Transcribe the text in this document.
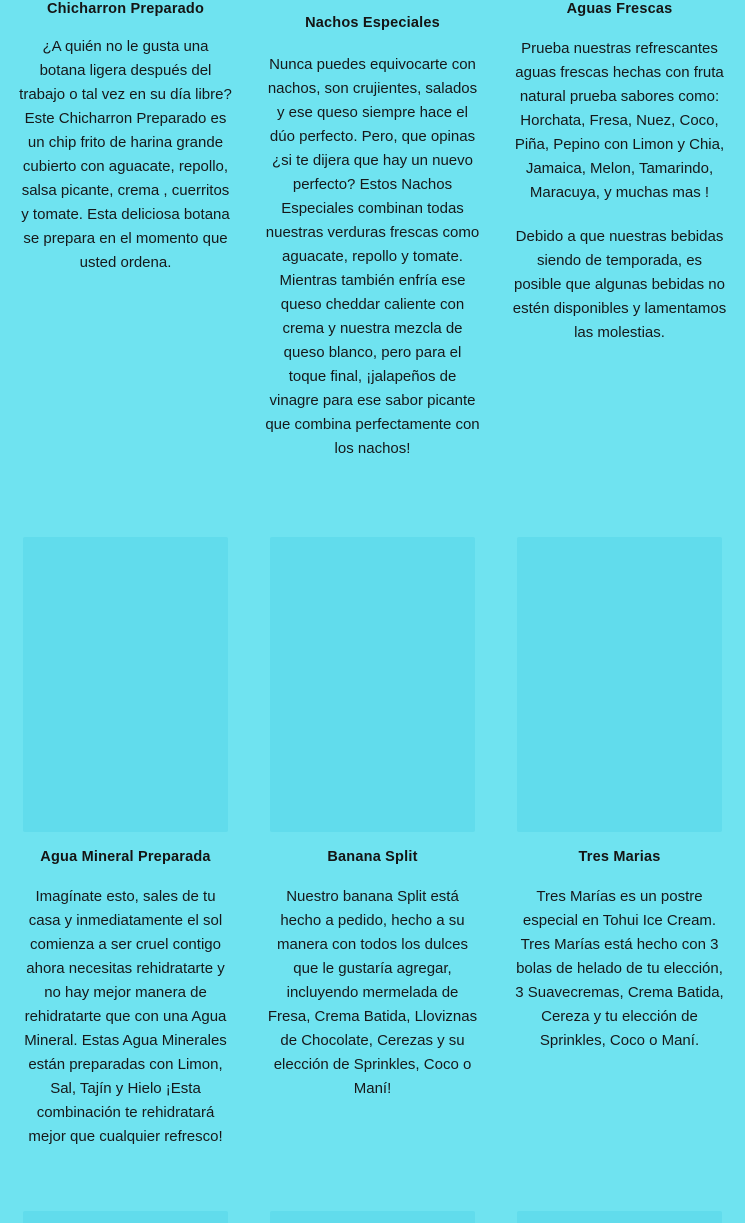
Chicharron Preparado

¿A quién no le gusta una botana ligera después del trabajo o tal vez en su día libre? Este Chicharron Preparado es un chip frito de harina grande cubierto con aguacate, repollo, salsa picante, crema , cuerritos y tomate. Esta deliciosa botana se prepara en el momento que usted ordena.

Nachos Especiales

Nunca puedes equivocarte con nachos, son crujientes, salados y ese queso siempre hace el dúo perfecto. Pero, que opinas ¿si te dijera que hay un nuevo perfecto? Estos Nachos Especiales combinan todas nuestras verduras frescas como aguacate, repollo y tomate. Mientras también enfría ese queso cheddar caliente con crema y nuestra mezcla de queso blanco, pero para el toque final, ¡jalapeños de vinagre para ese sabor picante que combina perfectamente con los nachos!

Aguas Frescas

Prueba nuestras refrescantes aguas frescas hechas con fruta natural prueba sabores como: Horchata, Fresa, Nuez, Coco, Piña, Pepino con Limon y Chia, Jamaica, Melon, Tamarindo, Maracuya, y muchas mas !

Debido a que nuestras bebidas siendo de temporada, es posible que algunas bebidas no estén disponibles y lamentamos las molestias.

Agua Mineral Preparada

Imagínate esto, sales de tu casa y inmediatamente el sol comienza a ser cruel contigo ahora necesitas rehidratarte y no hay mejor manera de rehidratarte que con una Agua Mineral. Estas Agua Minerales están preparadas con Limon, Sal, Tajín y Hielo ¡Esta combinación te rehidratará mejor que cualquier refresco!

Banana Split

Nuestro banana Split está hecho a pedido, hecho a su manera con todos los dulces que le gustaría agregar, incluyendo mermelada de Fresa, Crema Batida, Lloviznas de Chocolate, Cerezas y su elección de Sprinkles, Coco o Maní!

Tres Marias

Tres Marías es un postre especial en Tohui Ice Cream. Tres Marías está hecho con 3 bolas de helado de tu elección, 3 Suavecremas, Crema Batida, Cereza y tu elección de Sprinkles, Coco o Maní.
